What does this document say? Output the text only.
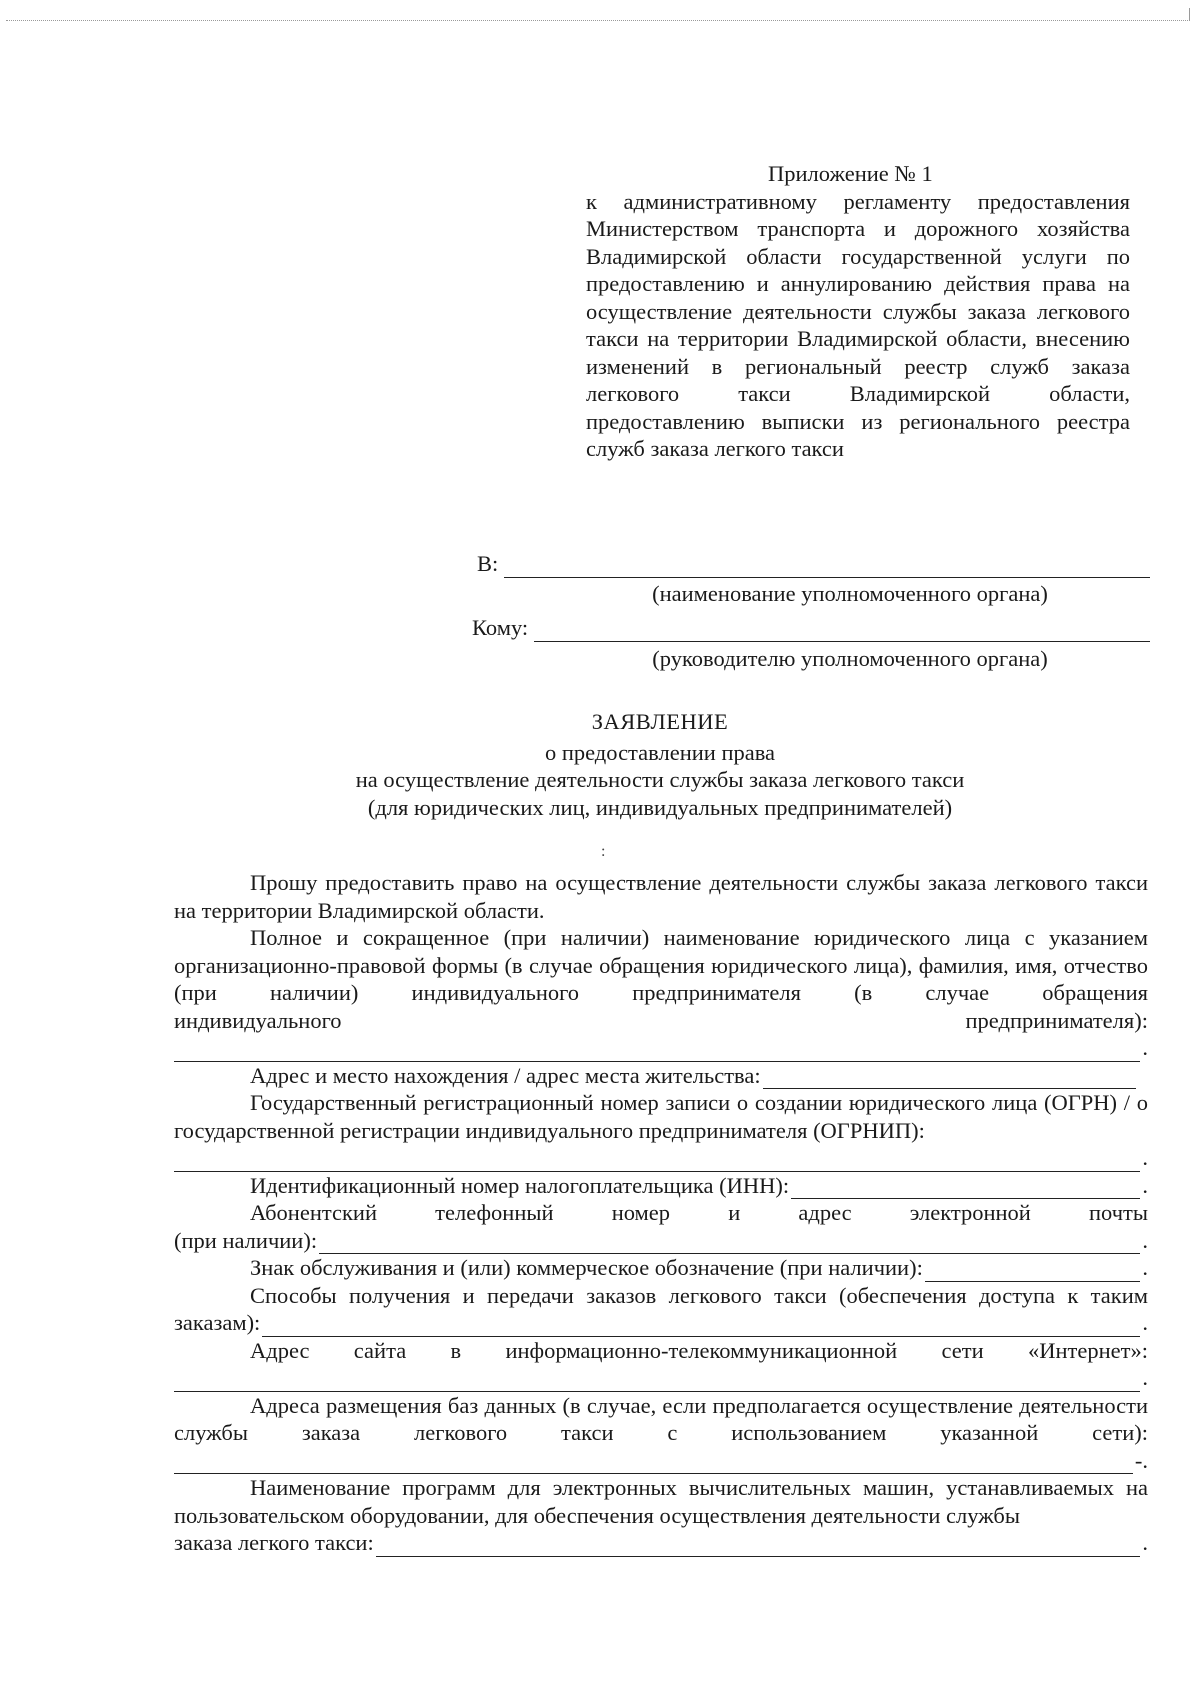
Приложение № 1
к административному регламенту предоставления Министерством транспорта и дорожного хозяйства Владимирской области государственной услуги по предоставлению и аннулированию действия права на осуществление деятельности службы заказа легкового такси на территории Владимирской области, внесению изменений в региональный реестр служб заказа легкового такси Владимирской области, предоставлению выписки из регионального реестра служб заказа легкого такси
В:
(наименование уполномоченного органа)
Кому:
(руководителю уполномоченного органа)
ЗАЯВЛЕНИЕ
о предоставлении права
на осуществление деятельности службы заказа легкового такси
(для юридических лиц, индивидуальных предпринимателей)
:

Прошу предоставить право на осуществление деятельности службы заказа легкового такси на территории Владимирской области.

Полное и сокращенное (при наличии) наименование юридического лица с указанием организационно-правовой формы (в случае обращения юридического лица), фамилия, имя, отчество (при наличии) индивидуального предпринимателя (в случае обращения

индивидуального	предпринимателя):
.
Адрес и место нахождения / адрес места жительства:

Государственный регистрационный номер записи о создании юридического лица (ОГРН) / о государственной регистрации индивидуального предпринимателя (ОГРНИП):

.
Идентификационный номер налогоплательщика (ИНН):	.
Абонентский	телефонный	номер	и	адрес	электронной	почты
(при наличии):	.
Знак обслуживания и (или) коммерческое обозначение (при наличии):	.
Способы получения и передачи заказов легкового такси (обеспечения доступа к таким
заказам):	.
Адрес сайта в информационно-телекоммуникационной сети «Интернет»:
.

Адреса размещения баз данных (в случае, если предполагается осуществление деятельности службы заказа легкового такси с использованием указанной сети):

-.

Наименование программ для электронных вычислительных машин, устанавливаемых на пользовательском оборудовании, для обеспечения осуществления деятельности службы

заказа легкого такси:	.
